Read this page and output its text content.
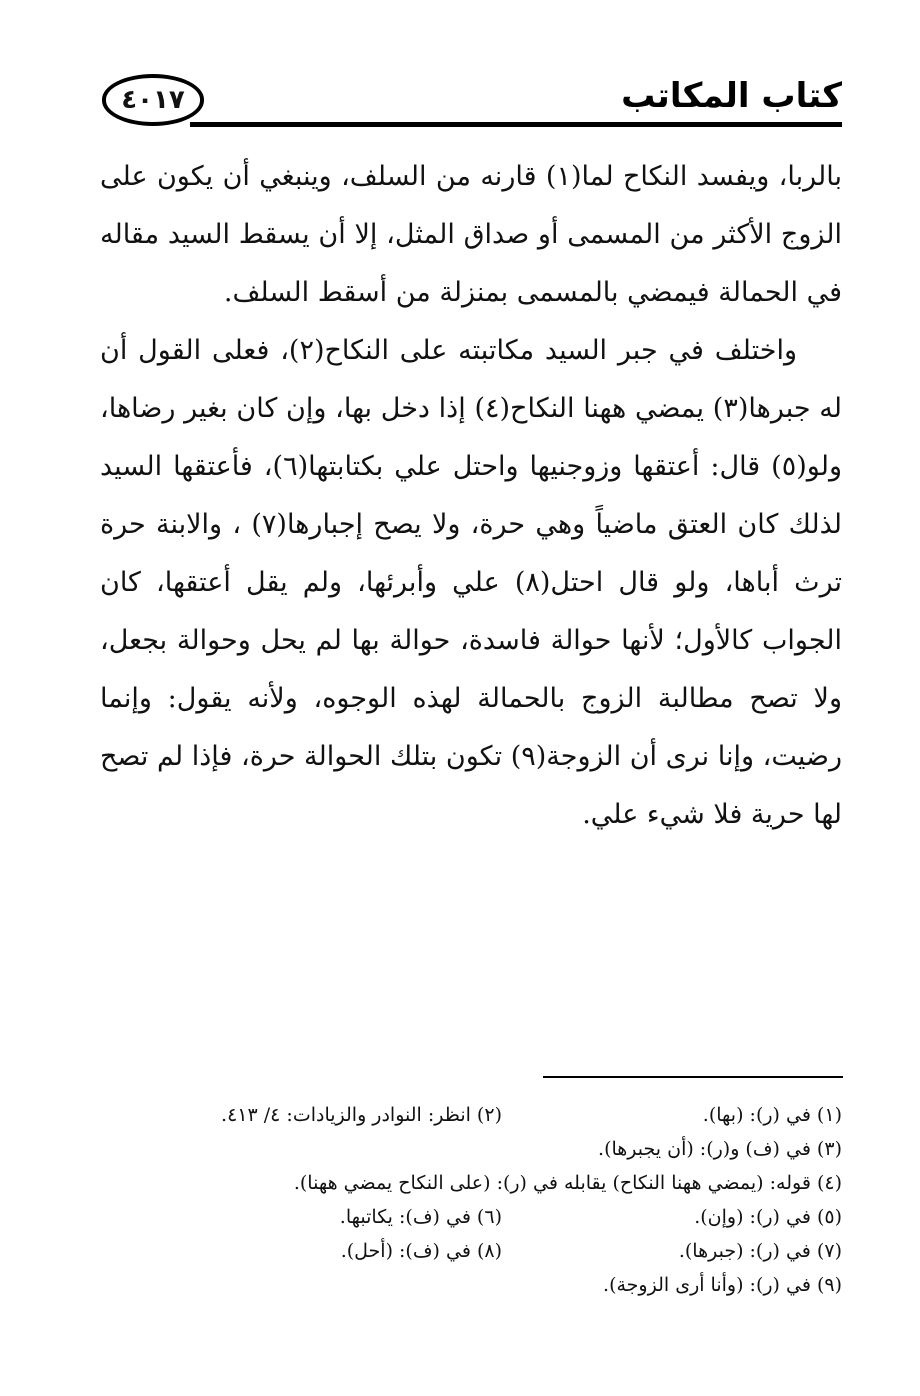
كتاب المكاتب
٤٠١٧

بالربا، ويفسد النكاح لما(١) قارنه من السلف، وينبغي أن يكون على الزوج الأكثر من المسمى أو صداق المثل، إلا أن يسقط السيد مقاله في الحمالة فيمضي بالمسمى بمنزلة من أسقط السلف.

واختلف في جبر السيد مكاتبته على النكاح(٢)، فعلى القول أن له جبرها(٣) يمضي ههنا النكاح(٤) إذا دخل بها، وإن كان بغير رضاها، ولو(٥) قال: أعتقها وزوجنيها واحتل علي بكتابتها(٦)، فأعتقها السيد لذلك كان العتق ماضياً وهي حرة، ولا يصح إجبارها(٧) ، والابنة حرة ترث أباها، ولو قال احتل(٨) علي وأبرئها، ولم يقل أعتقها، كان الجواب كالأول؛ لأنها حوالة فاسدة، حوالة بها لم يحل وحوالة بجعل، ولا تصح مطالبة الزوج بالحمالة لهذه الوجوه، ولأنه يقول: وإنما رضيت، وإنا نرى أن الزوجة(٩) تكون بتلك الحوالة حرة، فإذا لم تصح لها حرية فلا شيء علي.

(١) في (ر): (بها).
(٢) انظر: النوادر والزيادات: ٤/ ٤١٣.
(٣) في (ف) و(ر): (أن يجبرها).
(٤) قوله: (يمضي ههنا النكاح) يقابله في (ر): (على النكاح يمضي ههنا).
(٥) في (ر): (وإن).
(٦) في (ف): يكاتبها.
(٧) في (ر): (جبرها).
(٨) في (ف): (أحل).
(٩) في (ر): (وأنا أرى الزوجة).
